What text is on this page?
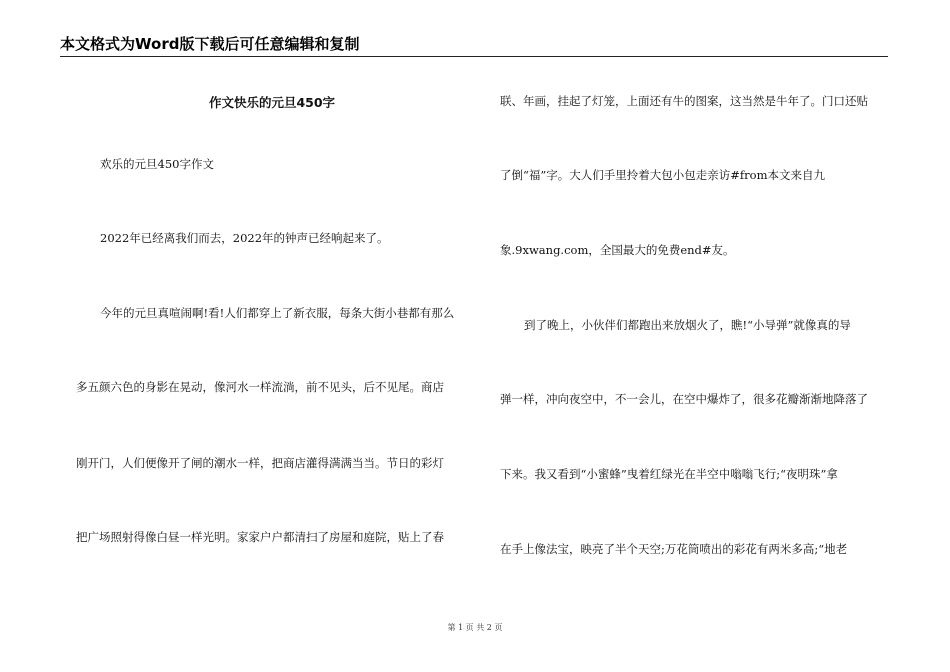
本文格式为Word版下载后可任意编辑和复制
作文快乐的元旦450字
欢乐的元旦450字作文
2022年已经离我们而去，2022年的钟声已经响起来了。
今年的元旦真喧闹啊!看!人们都穿上了新衣服，每条大街小巷都有那么
多五颜六色的身影在晃动，像河水一样流淌，前不见头，后不见尾。商店
刚开门，人们便像开了闸的潮水一样，把商店灌得满满当当。节日的彩灯
把广场照射得像白昼一样光明。家家户户都清扫了房屋和庭院，贴上了春
联、年画，挂起了灯笼，上面还有牛的图案，这当然是牛年了。门口还贴
了倒“福”字。大人们手里拎着大包小包走亲访#from本文来自九
象.9xwang.com，全国最大的免费end#友。
到了晚上，小伙伴们都跑出来放烟火了，瞧!“小导弹”就像真的导
弹一样，冲向夜空中，不一会儿，在空中爆炸了，很多花瓣渐渐地降落了
下来。我又看到“小蜜蜂”曳着红绿光在半空中嗡嗡飞行;“夜明珠”拿
在手上像法宝，映亮了半个天空;万花筒喷出的彩花有两米多高;“地老
第 1 页 共 2 页
